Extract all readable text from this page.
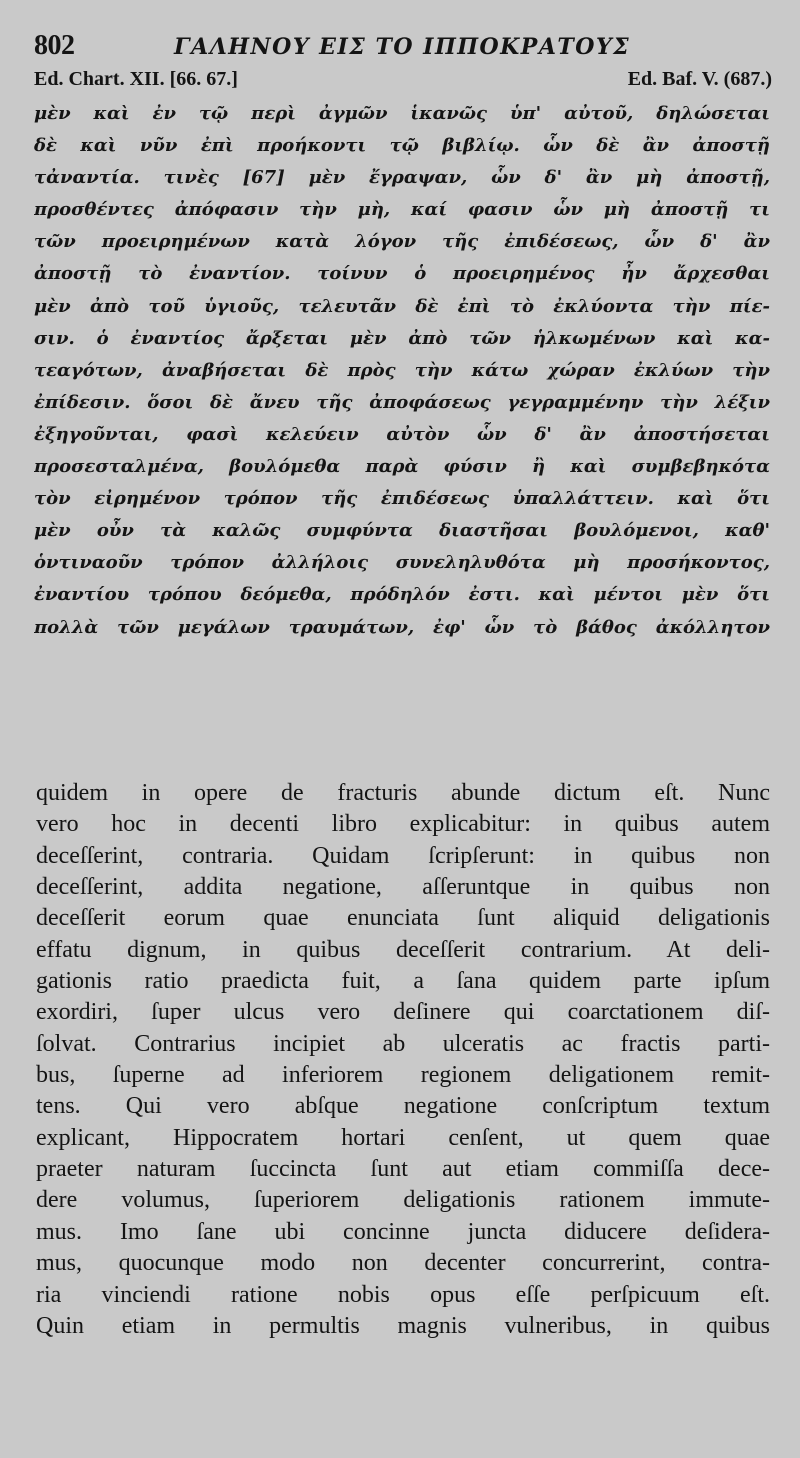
802	ΓΑΛΗΝΟΥ ΕΙΣ ΤΟ ΙΠΠΟΚΡΑΤΟΥΣ
Ed. Chart. XII. [66. 67.]	Ed. Baf. V. (687.)
μὲν καὶ ἐν τῷ περὶ ἀγμῶν ἱκανῶς ὑπ' αὐτοῦ, δηλώσεται
δὲ καὶ νῦν ἐπὶ προήκοντι τῷ βιβλίῳ. ὧν δὲ ἂν ἀποστῇ
τἀναντία. τινὲς [67] μὲν ἔγραψαν, ὧν δ' ἂν μὴ ἀποστῇ,
προσθέντες ἀπόφασιν τὴν μὴ, καί φασιν ὧν μὴ ἀποστῇ τι
τῶν προειρημένων κατὰ λόγον τῆς ἐπιδέσεως, ὧν δ' ἂν
ἀποστῇ τὸ ἐναντίον. τοίνυν ὁ προειρημένος ἦν ἄρχεσθαι
μὲν ἀπὸ τοῦ ὑγιοῦς, τελευτᾶν δὲ ἐπὶ τὸ ἐκλύοντα τὴν πίε-
σιν. ὁ ἐναντίος ἄρξεται μὲν ἀπὸ τῶν ἡλκωμένων καὶ κα-
τεαγότων, ἀναβήσεται δὲ πρὸς τὴν κάτω χώραν ἐκλύων τὴν
ἐπίδεσιν. ὅσοι δὲ ἄνευ τῆς ἀποφάσεως γεγραμμένην τὴν λέξιν
ἐξηγοῦνται, φασὶ κελεύειν αὐτὸν ὧν δ' ἂν ἀποστήσεται
προσεσταλμένα, βουλόμεθα παρὰ φύσιν ἢ καὶ συμβεβηκότα
τὸν εἰρημένον τρόπον τῆς ἐπιδέσεως ὑπαλλάττειν. καὶ ὅτι
μὲν οὖν τὰ καλῶς συμφύντα διαστῆσαι βουλόμενοι, καθ'
ὁντιναοῦν τρόπον ἀλλήλοις συνεληλυθότα μὴ προσήκοντος,
ἐναντίου τρόπου δεόμεθα, πρόδηλόν ἐστι. καὶ μέντοι μὲν ὅτι
πολλὰ τῶν μεγάλων τραυμάτων, ἐφ' ὧν τὸ βάθος ἀκόλλητον
quidem in opere de fracturis abunde dictum eſt. Nunc
vero hoc in decenti libro explicabitur: in quibus autem
deceſſerint, contraria. Quidam ſcripſerunt: in quibus non
deceſſerint, addita negatione, aſſeruntque in quibus non
deceſſerit eorum quae enunciata ſunt aliquid deligationis
effatu dignum, in quibus deceſſerit contrarium. At deli-
gationis ratio praedicta fuit, a ſana quidem parte ipſum
exordiri, ſuper ulcus vero deſinere qui coarctationem diſ-
ſolvat. Contrarius incipiet ab ulceratis ac fractis parti-
bus, ſuperne ad inferiorem regionem deligationem remit-
tens. Qui vero abſque negatione conſcriptum textum
explicant, Hippocratem hortari cenſent, ut quem quae
praeter naturam ſuccincta ſunt aut etiam commiſſa dece-
dere volumus, ſuperiorem deligationis rationem immute-
mus. Imo ſane ubi concinne juncta diducere deſidera-
mus, quocunque modo non decenter concurrerint, contra-
ria vinciendi ratione nobis opus eſſe perſpicuum eſt.
Quin etiam in permultis magnis vulneribus, in quibus
